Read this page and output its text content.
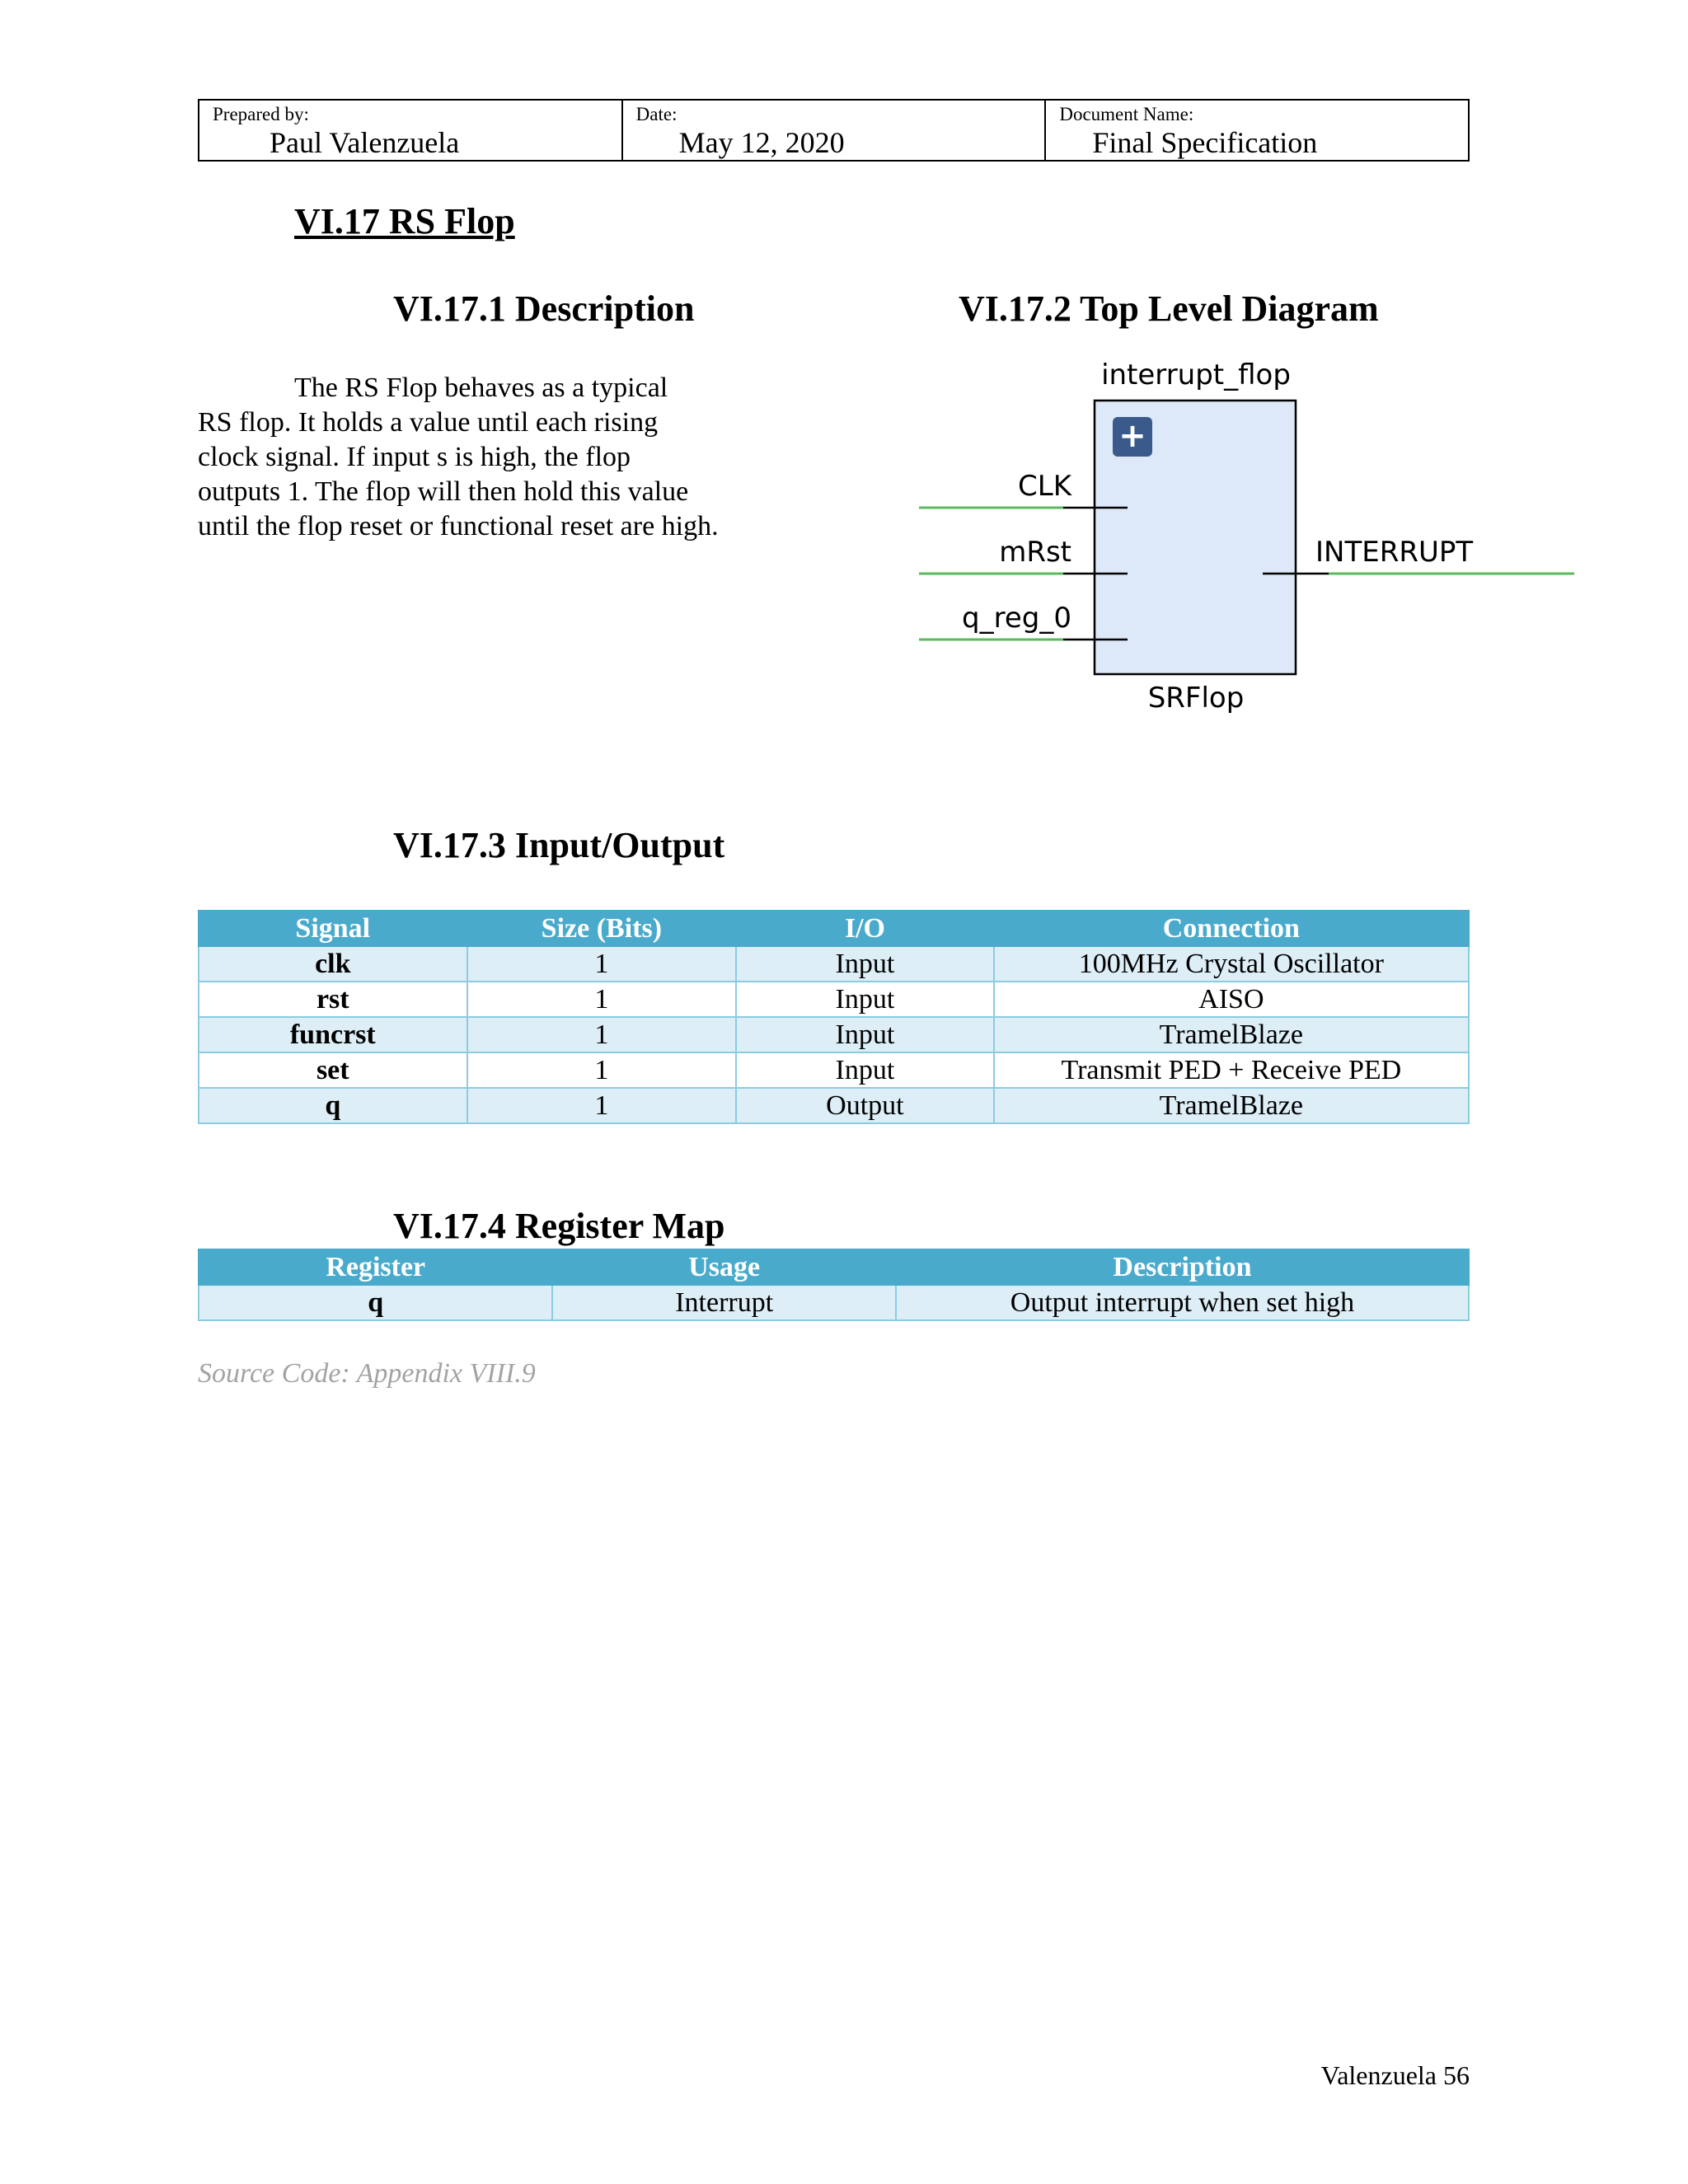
Prepared by:
Paul Valenzuela
Date:
May 12, 2020
Document Name:
Final Specification
VI.17 RS Flop
VI.17.1 Description
The RS Flop behaves as a typical
RS flop. It holds a value until each rising
clock signal. If input s is high, the flop
outputs 1. The flop will then hold this value
until the flop reset or functional reset are high.
VI.17.2 Top Level Diagram
interrupt_flop
+
CLK
mRst
q_reg_0
INTERRUPT
SRFlop
VI.17.3 Input/Output
Signal	Size (Bits)	I/O	Connection
clk	1	Input	100MHz Crystal Oscillator
rst	1	Input	AISO
funcrst	1	Input	TramelBlaze
set	1	Input	Transmit PED + Receive PED
q	1	Output	TramelBlaze
VI.17.4 Register Map
Register	Usage	Description
q	Interrupt	Output interrupt when set high
Source Code: Appendix VIII.9
Valenzuela 56
